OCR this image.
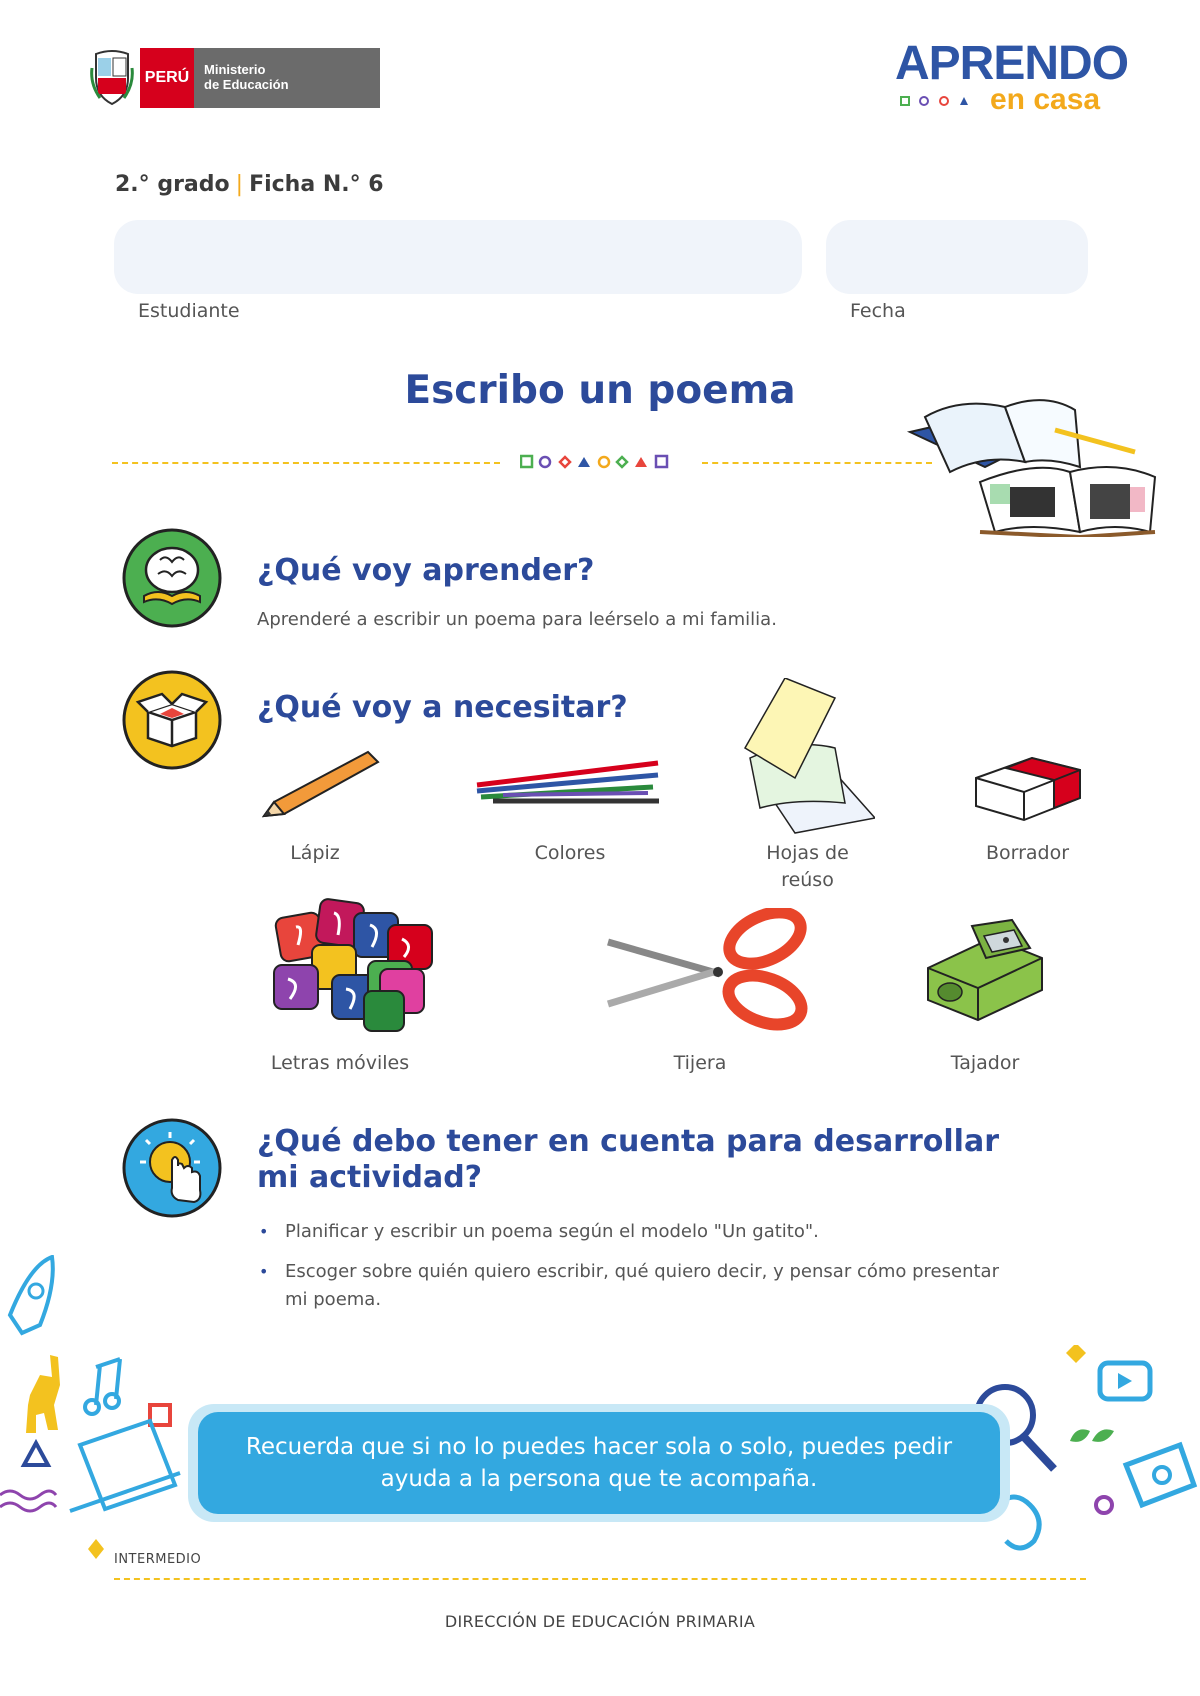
PERÚ	Ministerio
de Educación	APRENDO
en casa
2.° grado | Ficha N.° 6
Estudiante	Fecha
Escribo un poema
¿Qué voy aprender?
Aprenderé a escribir un poema para leérselo a mi familia.
¿Qué voy a necesitar?
Lápiz	Colores	Hojas de reúso
Borrador
Letras móviles	Tijera	Tajador
¿Qué debo tener en cuenta para desarrollar mi actividad?
• Planificar y escribir un poema según el modelo "Un gatito".
• Escoger sobre quién quiero escribir, qué quiero decir, y pensar cómo presentar mi poema.
Recuerda que si no lo puedes hacer sola o solo, puedes pedir ayuda a la persona que te acompaña.
INTERMEDIO
DIRECCIÓN DE EDUCACIÓN PRIMARIA
